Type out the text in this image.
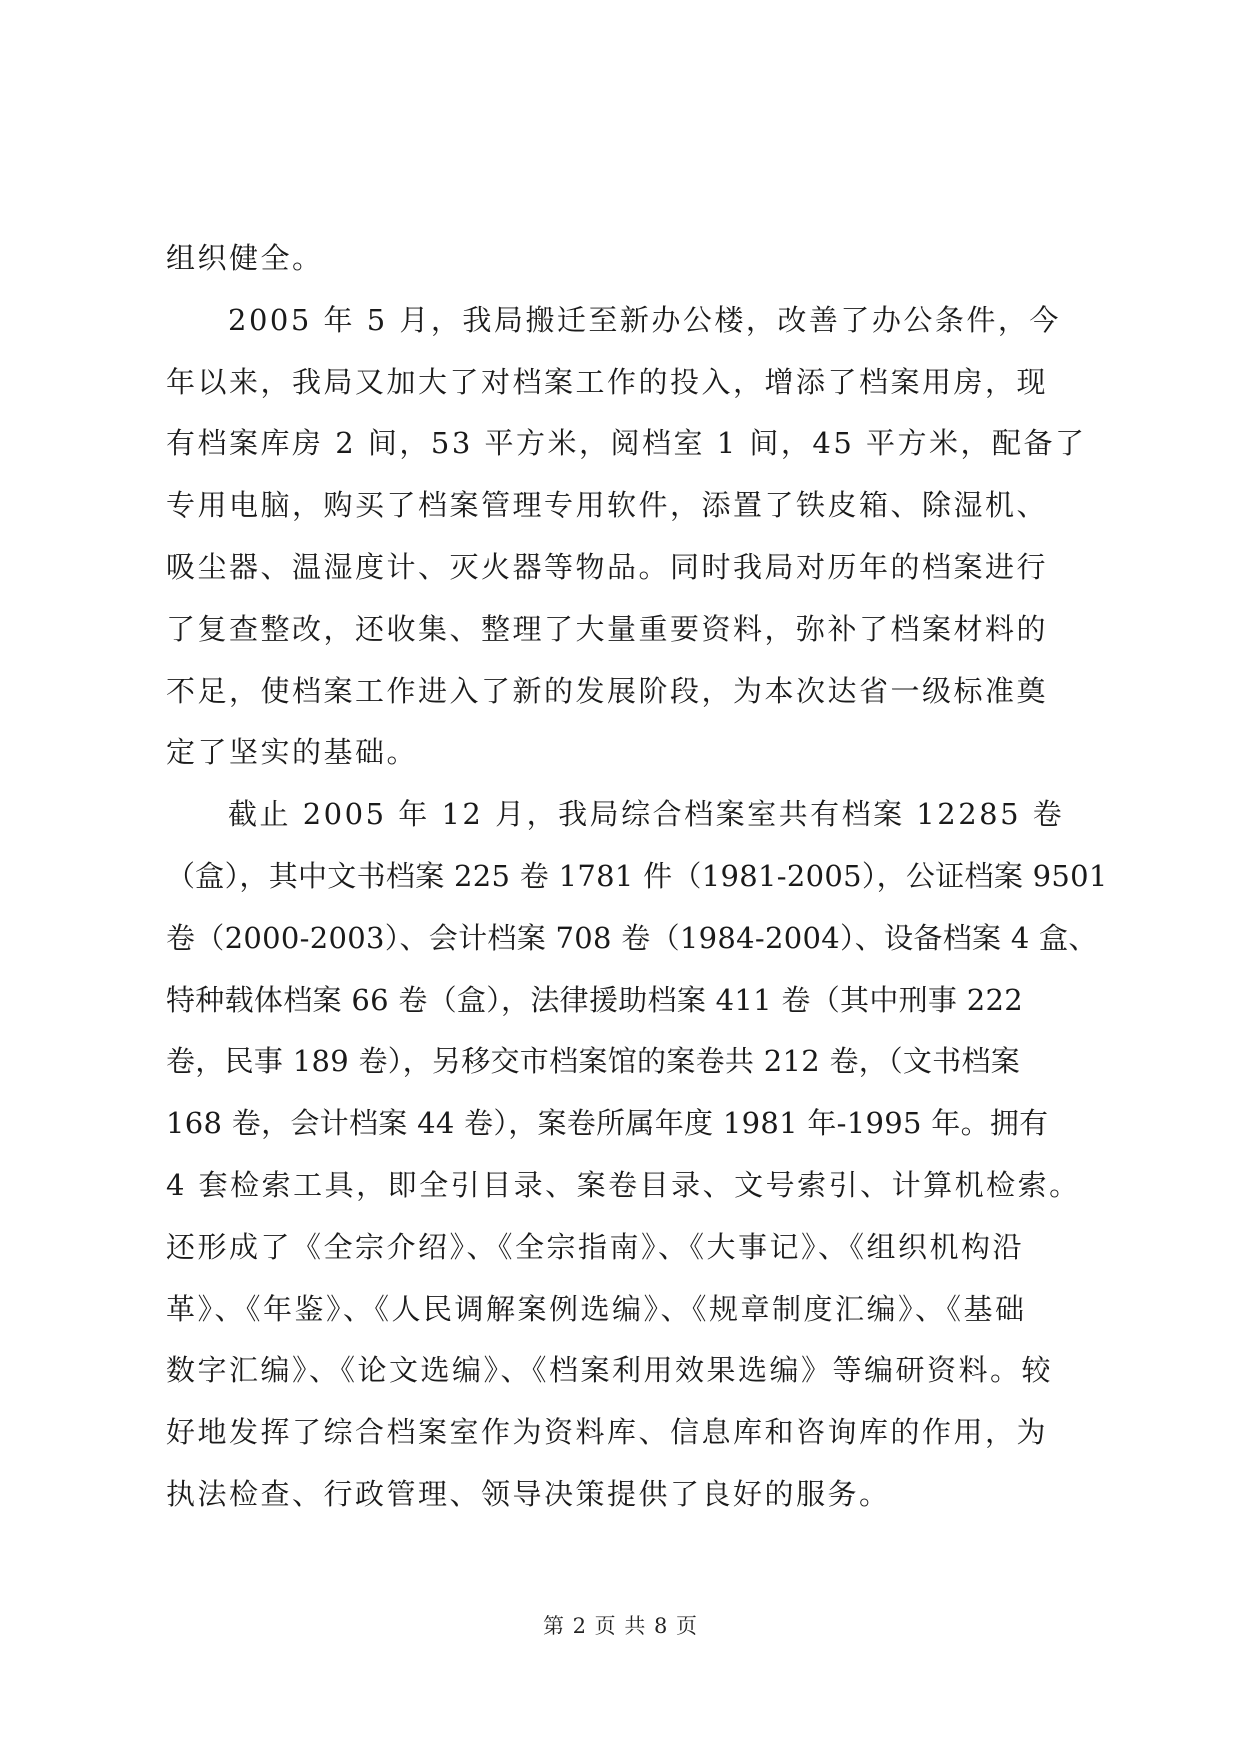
组织健全。
2005 年 5 月，我局搬迁至新办公楼，改善了办公条件，今
年以来，我局又加大了对档案工作的投入，增添了档案用房，现
有档案库房 2 间，53 平方米，阅档室 1 间，45 平方米，配备了
专用电脑，购买了档案管理专用软件，添置了铁皮箱、除湿机、
吸尘器、温湿度计、灭火器等物品。同时我局对历年的档案进行
了复查整改，还收集、整理了大量重要资料，弥补了档案材料的
不足，使档案工作进入了新的发展阶段，为本次达省一级标准奠
定了坚实的基础。
截止 2005 年 12 月，我局综合档案室共有档案 12285 卷
（盒），其中文书档案 225 卷 1781 件（1981-2005），公证档案 9501
卷（2000-2003）、会计档案 708 卷（1984-2004）、设备档案 4 盒、
特种载体档案 66 卷（盒），法律援助档案 411 卷（其中刑事 222
卷，民事 189 卷），另移交市档案馆的案卷共 212 卷，（文书档案
168 卷，会计档案 44 卷），案卷所属年度 1981 年-1995 年。拥有
4 套检索工具，即全引目录、案卷目录、文号索引、计算机检索。
还形成了《全宗介绍》、《全宗指南》、《大事记》、《组织机构沿
革》、《年鉴》、《人民调解案例选编》、《规章制度汇编》、《基础
数字汇编》、《论文选编》、《档案利用效果选编》等编研资料。较
好地发挥了综合档案室作为资料库、信息库和咨询库的作用，为
执法检查、行政管理、领导决策提供了良好的服务。
第 2 页 共 8 页
